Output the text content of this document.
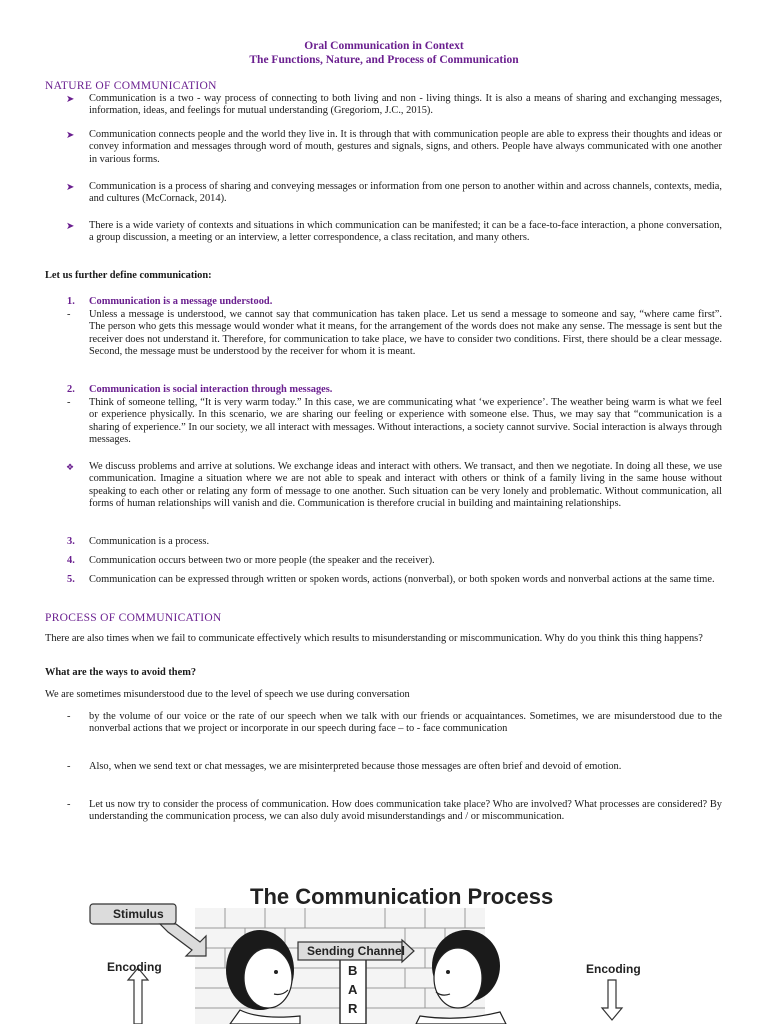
Oral Communication in Context
The Functions, Nature, and Process of Communication
NATURE OF COMMUNICATION
➤ Communication is a two - way process of connecting to both living and non - living things. It is also a means of sharing and exchanging messages, information, ideas, and feelings for mutual understanding (Gregoriom, J.C., 2015).
➤ Communication connects people and the world they live in. It is through that with communication people are able to express their thoughts and ideas or convey information and messages through word of mouth, gestures and signals, signs, and others. People have always communicated with one another in various forms.
➤ Communication is a process of sharing and conveying messages or information from one person to another within and across channels, contexts, media, and cultures (McCornack, 2014).
➤ There is a wide variety of contexts and situations in which communication can be manifested; it can be a face-to-face interaction, a phone conversation, a group discussion, a meeting or an interview, a letter correspondence, a class recitation, and many others.
Let us further define communication:
1. Communication is a message understood.
- Unless a message is understood, we cannot say that communication has taken place. Let us send a message to someone and say, “where came first”. The person who gets this message would wonder what it means, for the arrangement of the words does not make any sense. The message is sent but the receiver does not understand it. Therefore, for communication to take place, we have to consider two conditions. First, there should be a clear message. Second, the message must be understood by the receiver for whom it is meant.
2. Communication is social interaction through messages.
- Think of someone telling, “It is very warm today.” In this case, we are communicating what ‘we experience’. The weather being warm is what we feel or experience physically. In this scenario, we are sharing our feeling or experience with someone else. Thus, we may say that “communication is a sharing of experience.” In our society, we all interact with messages. Without interactions, a society cannot survive. Social interaction is always through messages.
❖ We discuss problems and arrive at solutions. We exchange ideas and interact with others. We transact, and then we negotiate. In doing all these, we use communication. Imagine a situation where we are not able to speak and interact with others or think of a family living in the same house without speaking to each other or relating any form of message to one another. Such situation can be very lonely and problematic. Without communication, all forms of human relationships will vanish and die. Communication is therefore crucial in building and maintaining relationships.
3. Communication is a process.
4. Communication occurs between two or more people (the speaker and the receiver).
5. Communication can be expressed through written or spoken words, actions (nonverbal), or both spoken words and nonverbal actions at the same time.
PROCESS OF COMMUNICATION
There are also times when we fail to communicate effectively which results to misunderstanding or miscommunication. Why do you think this thing happens?
What are the ways to avoid them?
We are sometimes misunderstood due to the level of speech we use during conversation
- by the volume of our voice or the rate of our speech when we talk with our friends or acquaintances. Sometimes, we are misunderstood due to the nonverbal actions that we project or incorporate in our speech during face – to - face communication
- Also, when we send text or chat messages, we are misinterpreted because those messages are often brief and devoid of emotion.
- Let us now try to consider the process of communication. How does communication take place? Who are involved? What processes are considered? By understanding the communication process, we can also duly avoid misunderstandings and / or miscommunication.
The Communication Process
Stimulus
Encoding
Sending Channel
Encoding
B
A
R
